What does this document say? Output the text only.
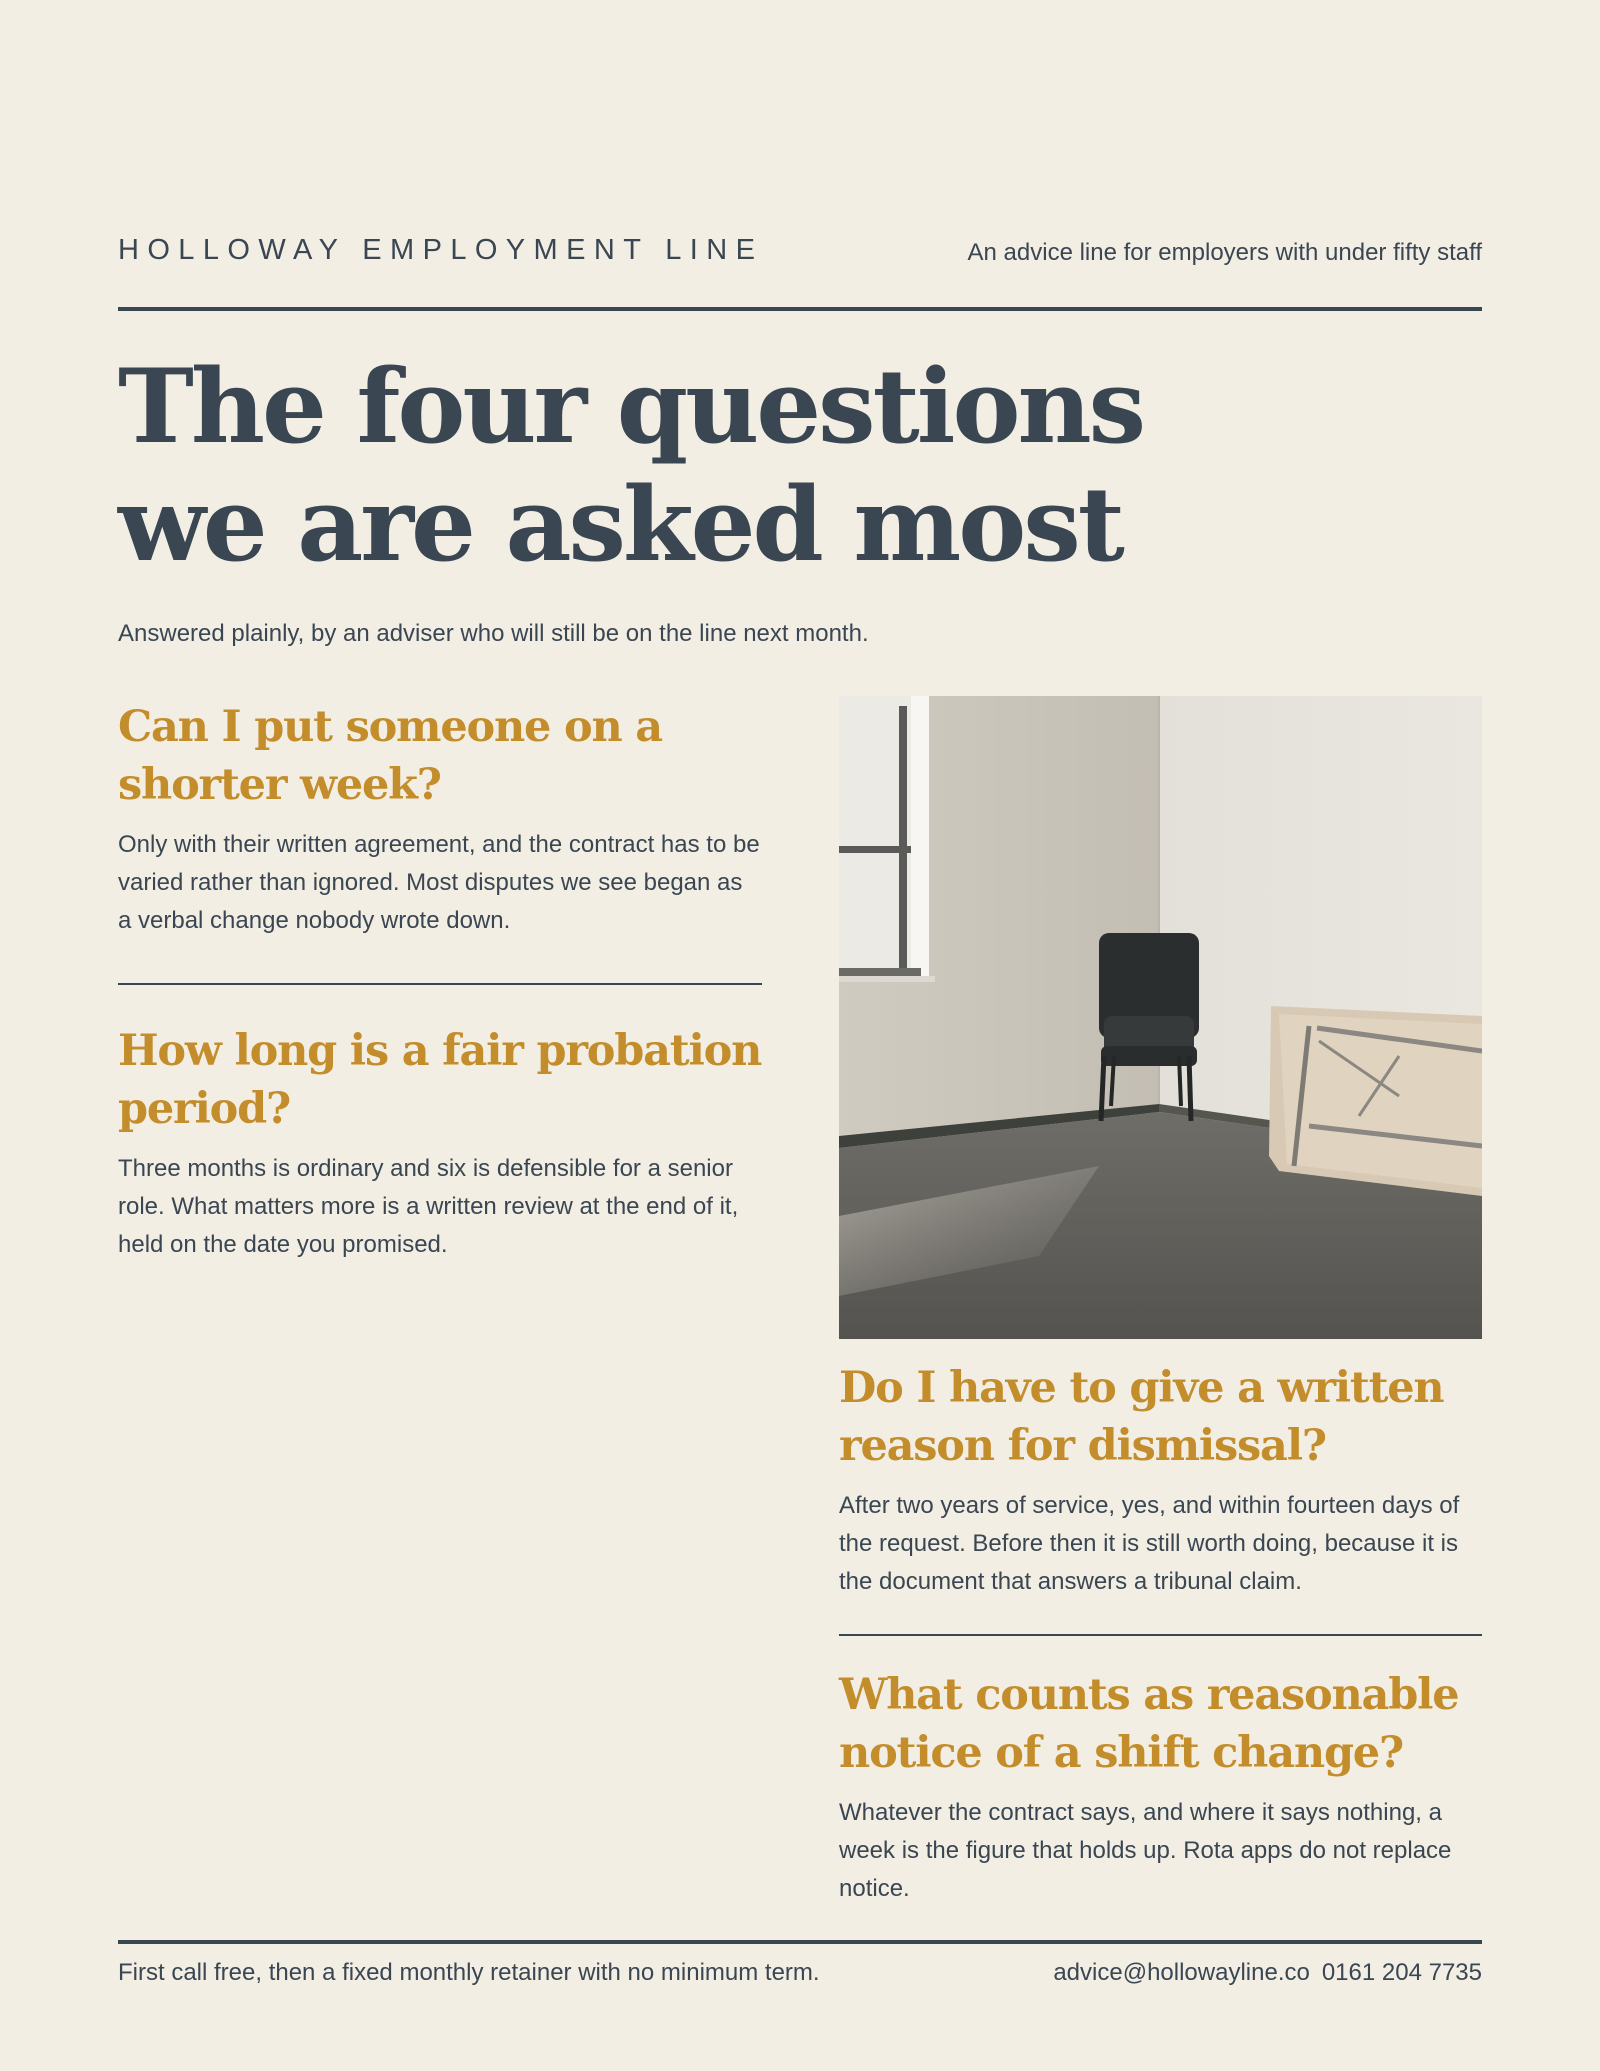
HOLLOWAY EMPLOYMENT LINE	An advice line for employers with under fifty staff
The four questions
we are asked most
Answered plainly, by an adviser who will still be on the line next month.
Can I put someone on a shorter week?

Only with their written agreement, and the contract has to be varied rather than ignored. Most disputes we see began as a verbal change nobody wrote down.

How long is a fair probation period?

Three months is ordinary and six is defensible for a senior role. What matters more is a written review at the end of it, held on the date you promised.

Do I have to give a written reason for dismissal?

After two years of service, yes, and within fourteen days of the request. Before then it is still worth doing, because it is the document that answers a tribunal claim.

What counts as reasonable notice of a shift change?

Whatever the contract says, and where it says nothing, a week is the figure that holds up. Rota apps do not replace notice.

First call free, then a fixed monthly retainer with no minimum term.	advice@hollowayline.co 0161 204 7735
